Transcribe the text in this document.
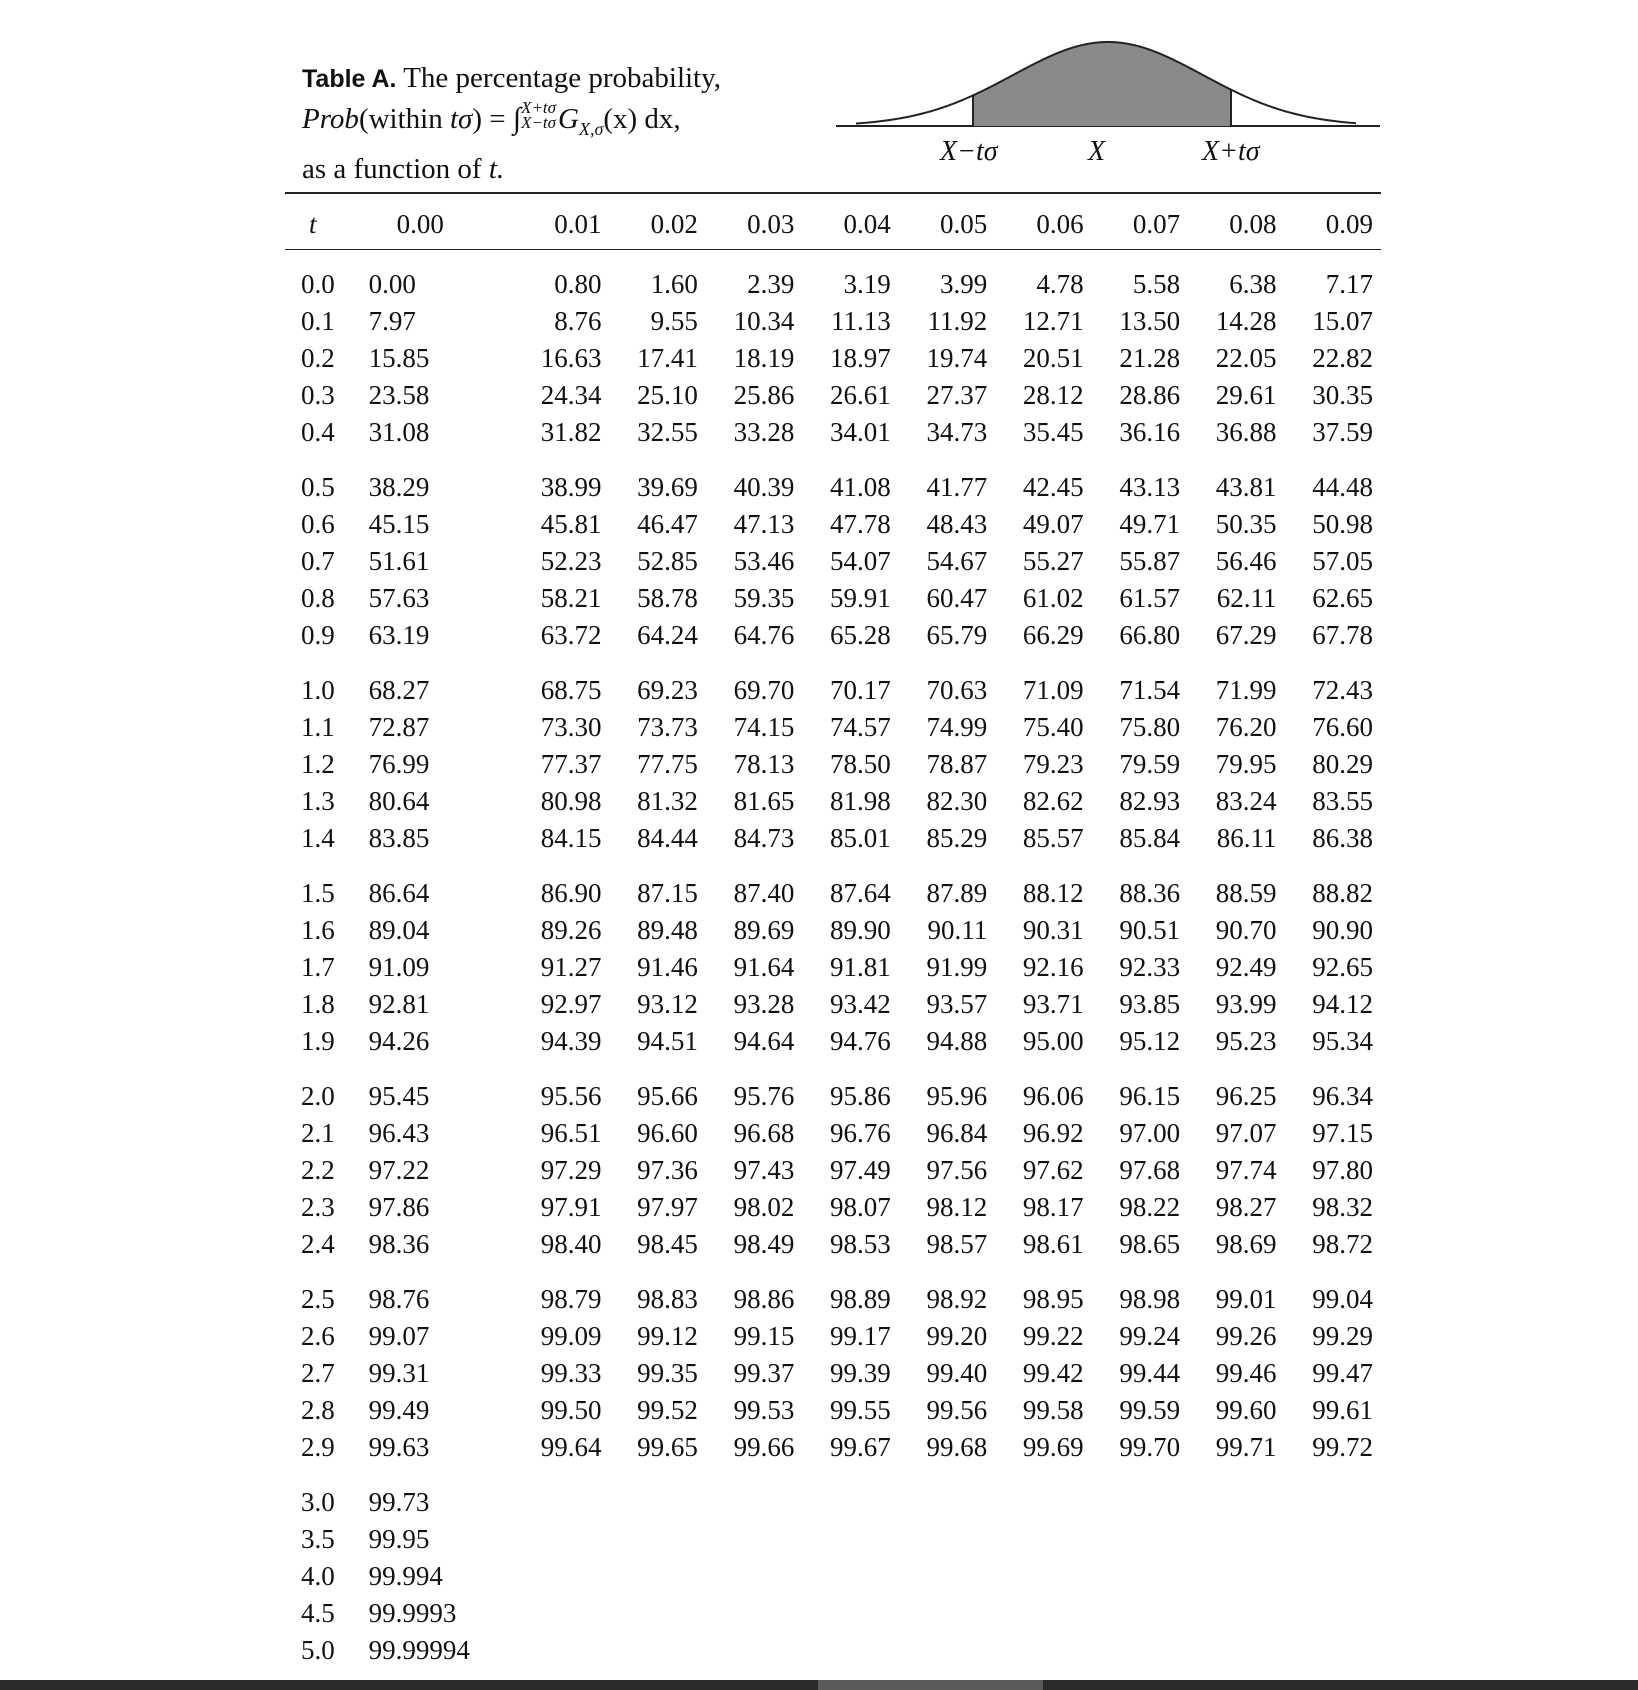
Table A. The percentage probability,
Prob(within tσ) = ∫ X+tσ
X−tσ $G_{X,\sigma}(x)$ dx,
as a function of t.
X−tσ	X	X+tσ
t	0.00	0.01	0.02	0.03	0.04	0.05	0.06	0.07	0.08	0.09

0.0	0.00	0.80	1.60	2.39	3.19	3.99	4.78	5.58	6.38	7.17
0.1	7.97	8.76	9.55	10.34	11.13	11.92	12.71	13.50	14.28	15.07
0.2	15.85	16.63	17.41	18.19	18.97	19.74	20.51	21.28	22.05	22.82
0.3	23.58	24.34	25.10	25.86	26.61	27.37	28.12	28.86	29.61	30.35
0.4	31.08	31.82	32.55	33.28	34.01	34.73	35.45	36.16	36.88	37.59

0.5	38.29	38.99	39.69	40.39	41.08	41.77	42.45	43.13	43.81	44.48
0.6	45.15	45.81	46.47	47.13	47.78	48.43	49.07	49.71	50.35	50.98
0.7	51.61	52.23	52.85	53.46	54.07	54.67	55.27	55.87	56.46	57.05
0.8	57.63	58.21	58.78	59.35	59.91	60.47	61.02	61.57	62.11	62.65
0.9	63.19	63.72	64.24	64.76	65.28	65.79	66.29	66.80	67.29	67.78

1.0	68.27	68.75	69.23	69.70	70.17	70.63	71.09	71.54	71.99	72.43
1.1	72.87	73.30	73.73	74.15	74.57	74.99	75.40	75.80	76.20	76.60
1.2	76.99	77.37	77.75	78.13	78.50	78.87	79.23	79.59	79.95	80.29
1.3	80.64	80.98	81.32	81.65	81.98	82.30	82.62	82.93	83.24	83.55
1.4	83.85	84.15	84.44	84.73	85.01	85.29	85.57	85.84	86.11	86.38

1.5	86.64	86.90	87.15	87.40	87.64	87.89	88.12	88.36	88.59	88.82
1.6	89.04	89.26	89.48	89.69	89.90	90.11	90.31	90.51	90.70	90.90
1.7	91.09	91.27	91.46	91.64	91.81	91.99	92.16	92.33	92.49	92.65
1.8	92.81	92.97	93.12	93.28	93.42	93.57	93.71	93.85	93.99	94.12
1.9	94.26	94.39	94.51	94.64	94.76	94.88	95.00	95.12	95.23	95.34

2.0	95.45	95.56	95.66	95.76	95.86	95.96	96.06	96.15	96.25	96.34
2.1	96.43	96.51	96.60	96.68	96.76	96.84	96.92	97.00	97.07	97.15
2.2	97.22	97.29	97.36	97.43	97.49	97.56	97.62	97.68	97.74	97.80
2.3	97.86	97.91	97.97	98.02	98.07	98.12	98.17	98.22	98.27	98.32
2.4	98.36	98.40	98.45	98.49	98.53	98.57	98.61	98.65	98.69	98.72

2.5	98.76	98.79	98.83	98.86	98.89	98.92	98.95	98.98	99.01	99.04
2.6	99.07	99.09	99.12	99.15	99.17	99.20	99.22	99.24	99.26	99.29
2.7	99.31	99.33	99.35	99.37	99.39	99.40	99.42	99.44	99.46	99.47
2.8	99.49	99.50	99.52	99.53	99.55	99.56	99.58	99.59	99.60	99.61
2.9	99.63	99.64	99.65	99.66	99.67	99.68	99.69	99.70	99.71	99.72

3.0	99.73									
3.5	99.95									
4.0	99.994									
4.5	99.9993									
5.0	99.99994									
